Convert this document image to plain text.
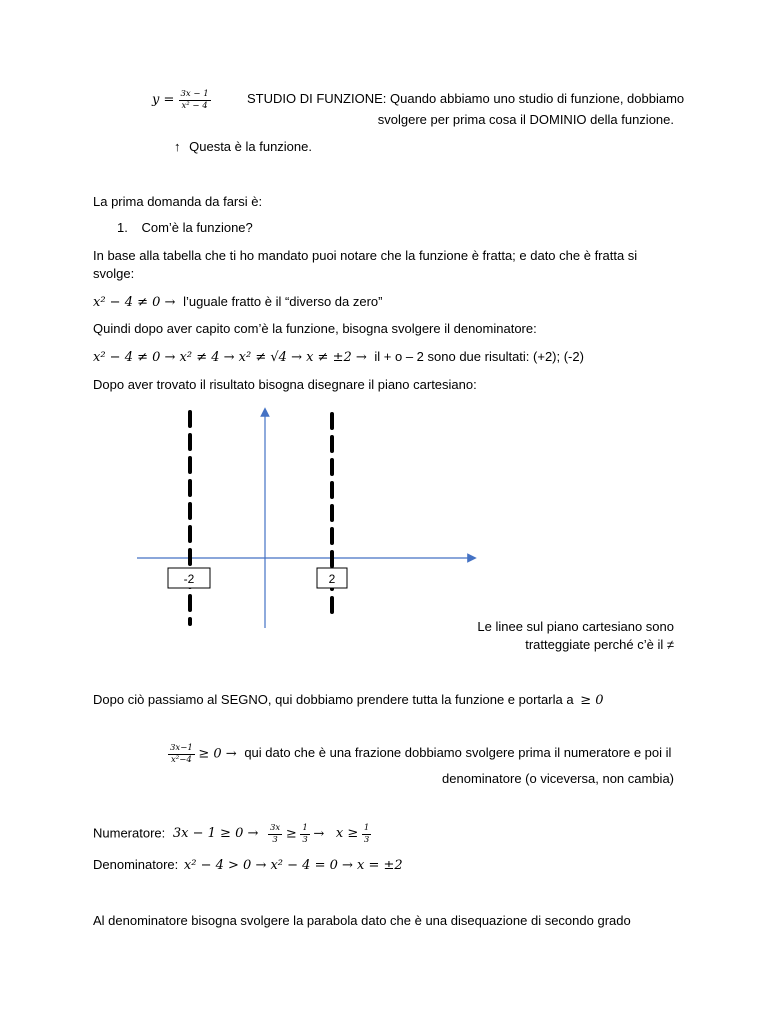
$y = \frac{3x - 1}{\text{x² − 4}}$	STUDIO DI FUNZIONE: Quando abbiamo uno studio di funzione, dobbiamo
svolgere per prima cosa il DOMINIO della funzione.
↑ Questa è la funzione.
La prima domanda da farsi è:
1. Com’è la funzione?
In base alla tabella che ti ho mandato puoi notare che la funzione è fratta; e dato che è fratta si
svolge:
x² − 4 ≠ 0 → l’uguale fratto è il “diverso da zero”
Quindi dopo aver capito com’è la funzione, bisogna svolgere il denominatore:
x² − 4 ≠ 0 → x² ≠ 4 → x² ≠ √4 → x ≠ ±2 → il + o – 2 sono due risultati: (+2); (-2)
Dopo aver trovato il risultato bisogna disegnare il piano cartesiano:
-2	2
Le linee sul piano cartesiano sono
tratteggiate perché c’è il ≠
Dopo ciò passiamo al SEGNO, qui dobbiamo prendere tutta la funzione e portarla a ≥ 0
$\frac{3x-1}{\text{x²−4}} \ge 0$ → qui dato che è una frazione dobbiamo svolgere prima il numeratore e poi il
denominatore (o viceversa, non cambia)
Numeratore: $3x - 1 \ge 0 \to \frac{3x}{3} \ge \frac{1}{3} \to x \ge \frac{1}{3}$
Denominatore: x² − 4 > 0 → x² − 4 = 0 → x = ±2
Al denominatore bisogna svolgere la parabola dato che è una disequazione di secondo grado
